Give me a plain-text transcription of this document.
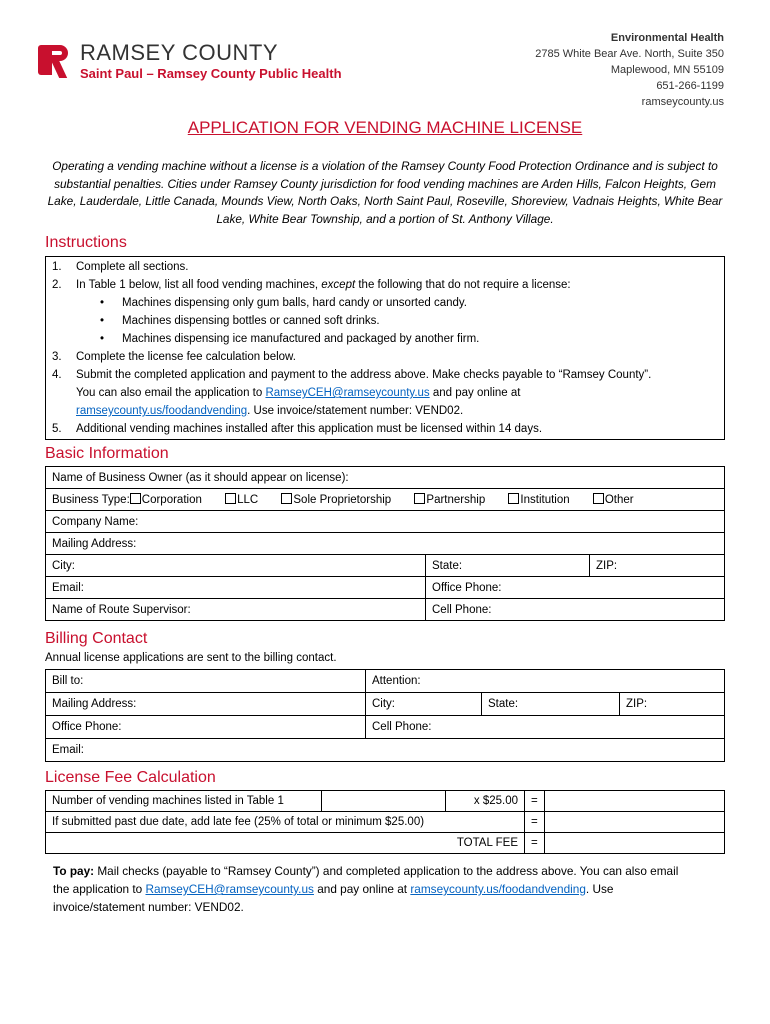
RAMSEY COUNTY
Saint Paul – Ramsey County Public Health
Environmental Health
2785 White Bear Ave. North, Suite 350
Maplewood, MN 55109
651-266-1199
ramseycounty.us
APPLICATION FOR VENDING MACHINE LICENSE
Operating a vending machine without a license is a violation of the Ramsey County Food Protection Ordinance and is subject to substantial penalties. Cities under Ramsey County jurisdiction for food vending machines are Arden Hills, Falcon Heights, Gem Lake, Lauderdale, Little Canada, Mounds View, North Oaks, North Saint Paul, Roseville, Shoreview, Vadnais Heights, White Bear Lake, White Bear Township, and a portion of St. Anthony Village.
Instructions
1.	Complete all sections.
2.	In Table 1 below, list all food vending machines, except the following that do not require a license:
•	Machines dispensing only gum balls, hard candy or unsorted candy.
•	Machines dispensing bottles or canned soft drinks.
•	Machines dispensing ice manufactured and packaged by another firm.
3.	Complete the license fee calculation below.
4.	Submit the completed application and payment to the address above. Make checks payable to “Ramsey County”.
You can also email the application to RamseyCEH@ramseycounty.us and pay online at
ramseycounty.us/foodandvending. Use invoice/statement number: VEND02.
5.	Additional vending machines installed after this application must be licensed within 14 days.
Basic Information
Name of Business Owner (as it should appear on license):		
Business Type: Corporation LLC Sole Proprietorship Partnership Institution Other		
Company Name:		
Mailing Address:		
City:	State:	ZIP:
Email:	Office Phone:	
Name of Route Supervisor:	Cell Phone:	
Billing Contact
Annual license applications are sent to the billing contact.
Bill to:	Attention:		
Mailing Address:	City:	State:	ZIP:
Office Phone:	Cell Phone:		
Email:			
License Fee Calculation
Number of vending machines listed in Table 1		x $25.00	=	
If submitted past due date, add late fee (25% of total or minimum $25.00)			=	
TOTAL FEE			=	
To pay: Mail checks (payable to “Ramsey County”) and completed application to the address above. You can also email the application to RamseyCEH@ramseycounty.us and pay online at ramseycounty.us/foodandvending. Use invoice/statement number: VEND02.
